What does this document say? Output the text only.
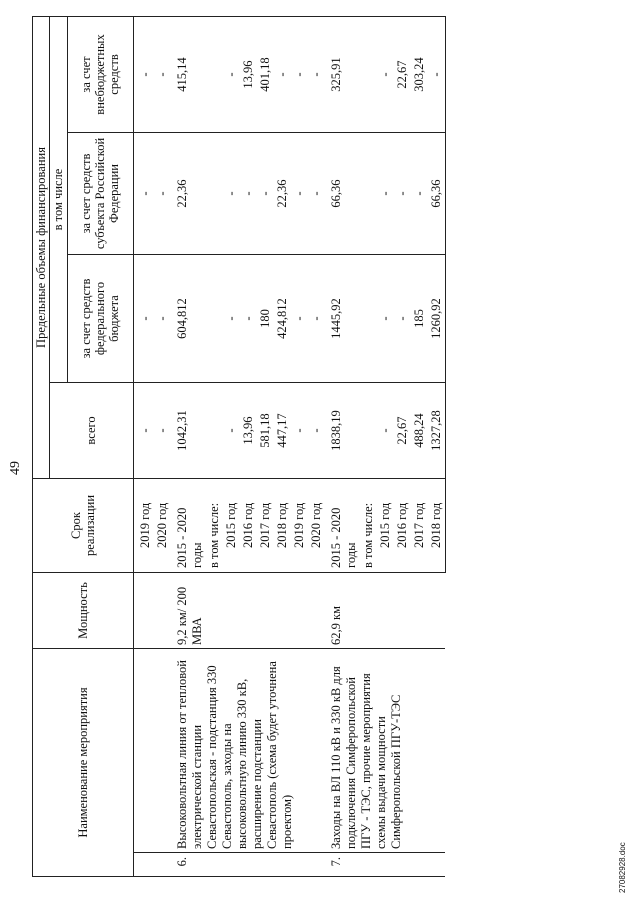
49
Наименование мероприятия		Мощность	Срок реализации	Предельные объемы финансирования			
				всего	в том числе		
					за счет средств федерального бюджета	за счет средств субъекта Российской Федерации	за счет внебюджетных средств
			2019 год	-	-	-	-
			2020 год	-	-	-	-
6.	Высоковольтная линия от тепловой электрической станции Севастопольская - подстанция 330 Севастополь, заходы на высоковольтную линию 330 кВ, расширение подстанции Севастополь (схема будет уточнена проектом)	9,2 км/ 200 МВА	2015 - 2020 годы	1042,31	604,812	22,36	415,14
			в том числе:				
			2015 год	-	-	-	-
			2016 год	13,96	-	-	13,96
			2017 год	581,18	180	-	401,18
			2018 год	447,17	424,812	22,36	-
			2019 год	-	-	-	-
			2020 год	-	-	-	-
7.	Заходы на ВЛ 110 кВ и 330 кВ для подключения Симферопольской ПГУ - ТЭС, прочие мероприятия схемы выдачи мощности Симферопольской ПГУ-ТЭС	62,9 км	2015 - 2020 годы	1838,19	1445,92	66,36	325,91
			в том числе:				
			2015 год	-	-	-	-
			2016 год	22,67	-	-	22,67
			2017 год	488,24	185	-	303,24
			2018 год	1327,28	1260,92	66,36	-
27082928.doc
